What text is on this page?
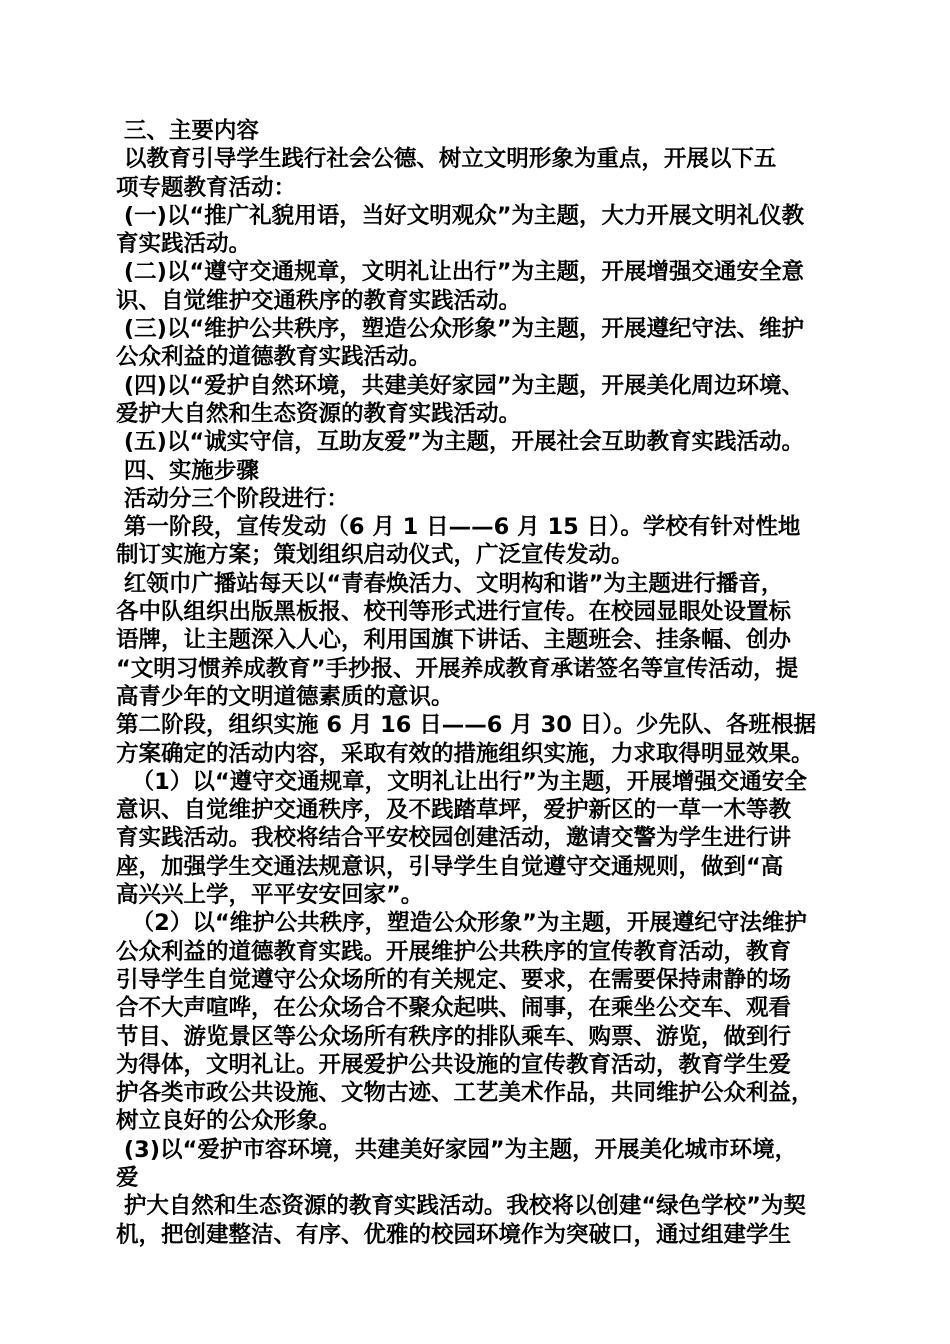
三、主要内容
以教育引导学生践行社会公德、树立文明形象为重点，开展以下五
项专题教育活动：
(一)以“推广礼貌用语，当好文明观众”为主题，大力开展文明礼仪教
育实践活动。
(二)以“遵守交通规章，文明礼让出行”为主题，开展增强交通安全意
识、自觉维护交通秩序的教育实践活动。
(三)以“维护公共秩序，塑造公众形象”为主题，开展遵纪守法、维护
公众利益的道德教育实践活动。
(四)以“爱护自然环境，共建美好家园”为主题，开展美化周边环境、
爱护大自然和生态资源的教育实践活动。
(五)以“诚实守信，互助友爱”为主题，开展社会互助教育实践活动。
四、实施步骤
活动分三个阶段进行：
第一阶段，宣传发动（6 月 1 日——6 月 15 日）。学校有针对性地
制订实施方案；策划组织启动仪式，广泛宣传发动。
红领巾广播站每天以“青春焕活力、文明构和谐”为主题进行播音，
各中队组织出版黑板报、校刊等形式进行宣传。在校园显眼处设置标
语牌，让主题深入人心，利用国旗下讲话、主题班会、挂条幅、创办
“文明习惯养成教育”手抄报、开展养成教育承诺签名等宣传活动，提
高青少年的文明道德素质的意识。
第二阶段，组织实施 6 月 16 日——6 月 30 日）。少先队、各班根据
方案确定的活动内容，采取有效的措施组织实施，力求取得明显效果。
（1）以“遵守交通规章，文明礼让出行”为主题，开展增强交通安全
意识、自觉维护交通秩序，及不践踏草坪，爱护新区的一草一木等教
育实践活动。我校将结合平安校园创建活动，邀请交警为学生进行讲
座，加强学生交通法规意识，引导学生自觉遵守交通规则，做到“高
高兴兴上学，平平安安回家”。
（2）以“维护公共秩序，塑造公众形象”为主题，开展遵纪守法维护
公众利益的道德教育实践。开展维护公共秩序的宣传教育活动，教育
引导学生自觉遵守公众场所的有关规定、要求，在需要保持肃静的场
合不大声喧哗，在公众场合不聚众起哄、闹事，在乘坐公交车、观看
节目、游览景区等公众场所有秩序的排队乘车、购票、游览，做到行
为得体，文明礼让。开展爱护公共设施的宣传教育活动，教育学生爱
护各类市政公共设施、文物古迹、工艺美术作品，共同维护公众利益，
树立良好的公众形象。
(3)以“爱护市容环境，共建美好家园”为主题，开展美化城市环境，
爱
护大自然和生态资源的教育实践活动。我校将以创建“绿色学校”为契
机，把创建整洁、有序、优雅的校园环境作为突破口，通过组建学生
